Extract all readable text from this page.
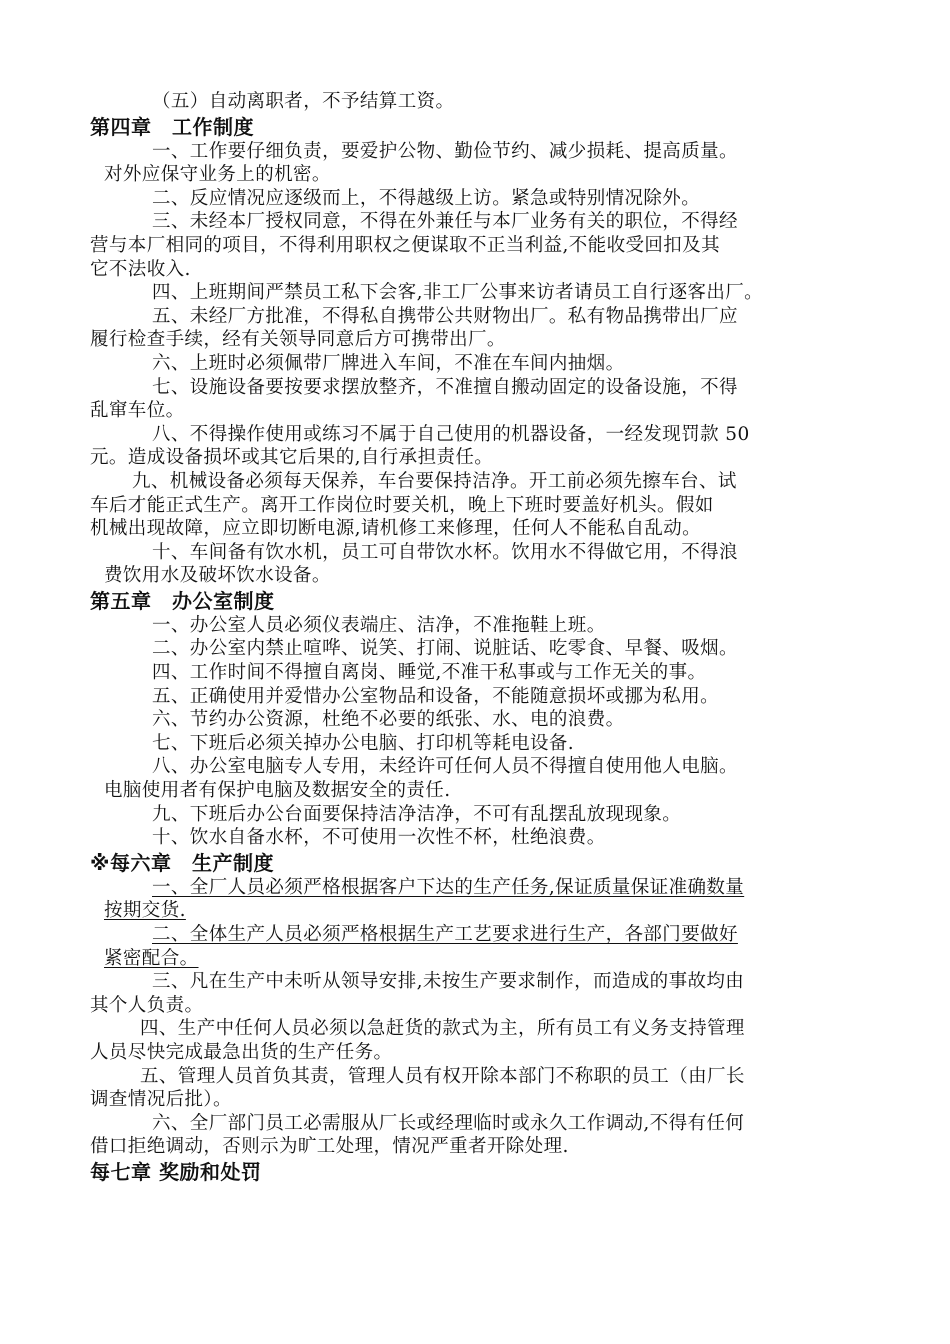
（五）自动离职者，不予结算工资。
第四章　工作制度
一、工作要仔细负责，要爱护公物、勤俭节约、减少损耗、提高质量。
对外应保守业务上的机密。
二、反应情况应逐级而上，不得越级上访。紧急或特别情况除外。
三、未经本厂授权同意，不得在外兼任与本厂业务有关的职位，不得经
营与本厂相同的项目，不得利用职权之便谋取不正当利益,不能收受回扣及其
它不法收入.
四、上班期间严禁员工私下会客,非工厂公事来访者请员工自行逐客出厂。
五、未经厂方批准，不得私自携带公共财物出厂。私有物品携带出厂应
履行检查手续，经有关领导同意后方可携带出厂。
六、上班时必须佩带厂牌进入车间，不准在车间内抽烟。
七、设施设备要按要求摆放整齐，不准擅自搬动固定的设备设施，不得
乱窜车位。
八、不得操作使用或练习不属于自己使用的机器设备，一经发现罚款 50
元。造成设备损坏或其它后果的,自行承担责任。
九、机械设备必须每天保养，车台要保持洁净。开工前必须先擦车台、试
车后才能正式生产。离开工作岗位时要关机，晚上下班时要盖好机头。假如
机械出现故障，应立即切断电源,请机修工来修理，任何人不能私自乱动。
十、车间备有饮水机，员工可自带饮水杯。饮用水不得做它用，不得浪
费饮用水及破坏饮水设备。
第五章　办公室制度
一、办公室人员必须仪表端庄、洁净，不准拖鞋上班。
二、办公室内禁止喧哗、说笑、打闹、说脏话、吃零食、早餐、吸烟。
四、工作时间不得擅自离岗、睡觉,不准干私事或与工作无关的事。
五、正确使用并爱惜办公室物品和设备，不能随意损坏或挪为私用。
六、节约办公资源，杜绝不必要的纸张、水、电的浪费。
七、下班后必须关掉办公电脑、打印机等耗电设备.
八、办公室电脑专人专用，未经许可任何人员不得擅自使用他人电脑。
电脑使用者有保护电脑及数据安全的责任.
九、下班后办公台面要保持洁净洁净，不可有乱摆乱放现现象。
十、饮水自备水杯，不可使用一次性不杯，杜绝浪费。
※每六章　生产制度
一、全厂人员必须严格根据客户下达的生产任务,保证质量保证准确数量
按期交货.
二、全体生产人员必须严格根据生产工艺要求进行生产，各部门要做好
紧密配合。
三、凡在生产中未听从领导安排,未按生产要求制作，而造成的事故均由
其个人负责。
四、生产中任何人员必须以急赶货的款式为主，所有员工有义务支持管理
人员尽快完成最急出货的生产任务。
五、管理人员首负其责，管理人员有权开除本部门不称职的员工（由厂长
调查情况后批）。
六、全厂部门员工必需服从厂长或经理临时或永久工作调动,不得有任何
借口拒绝调动，否则示为旷工处理，情况严重者开除处理.
每七章 奖励和处罚
